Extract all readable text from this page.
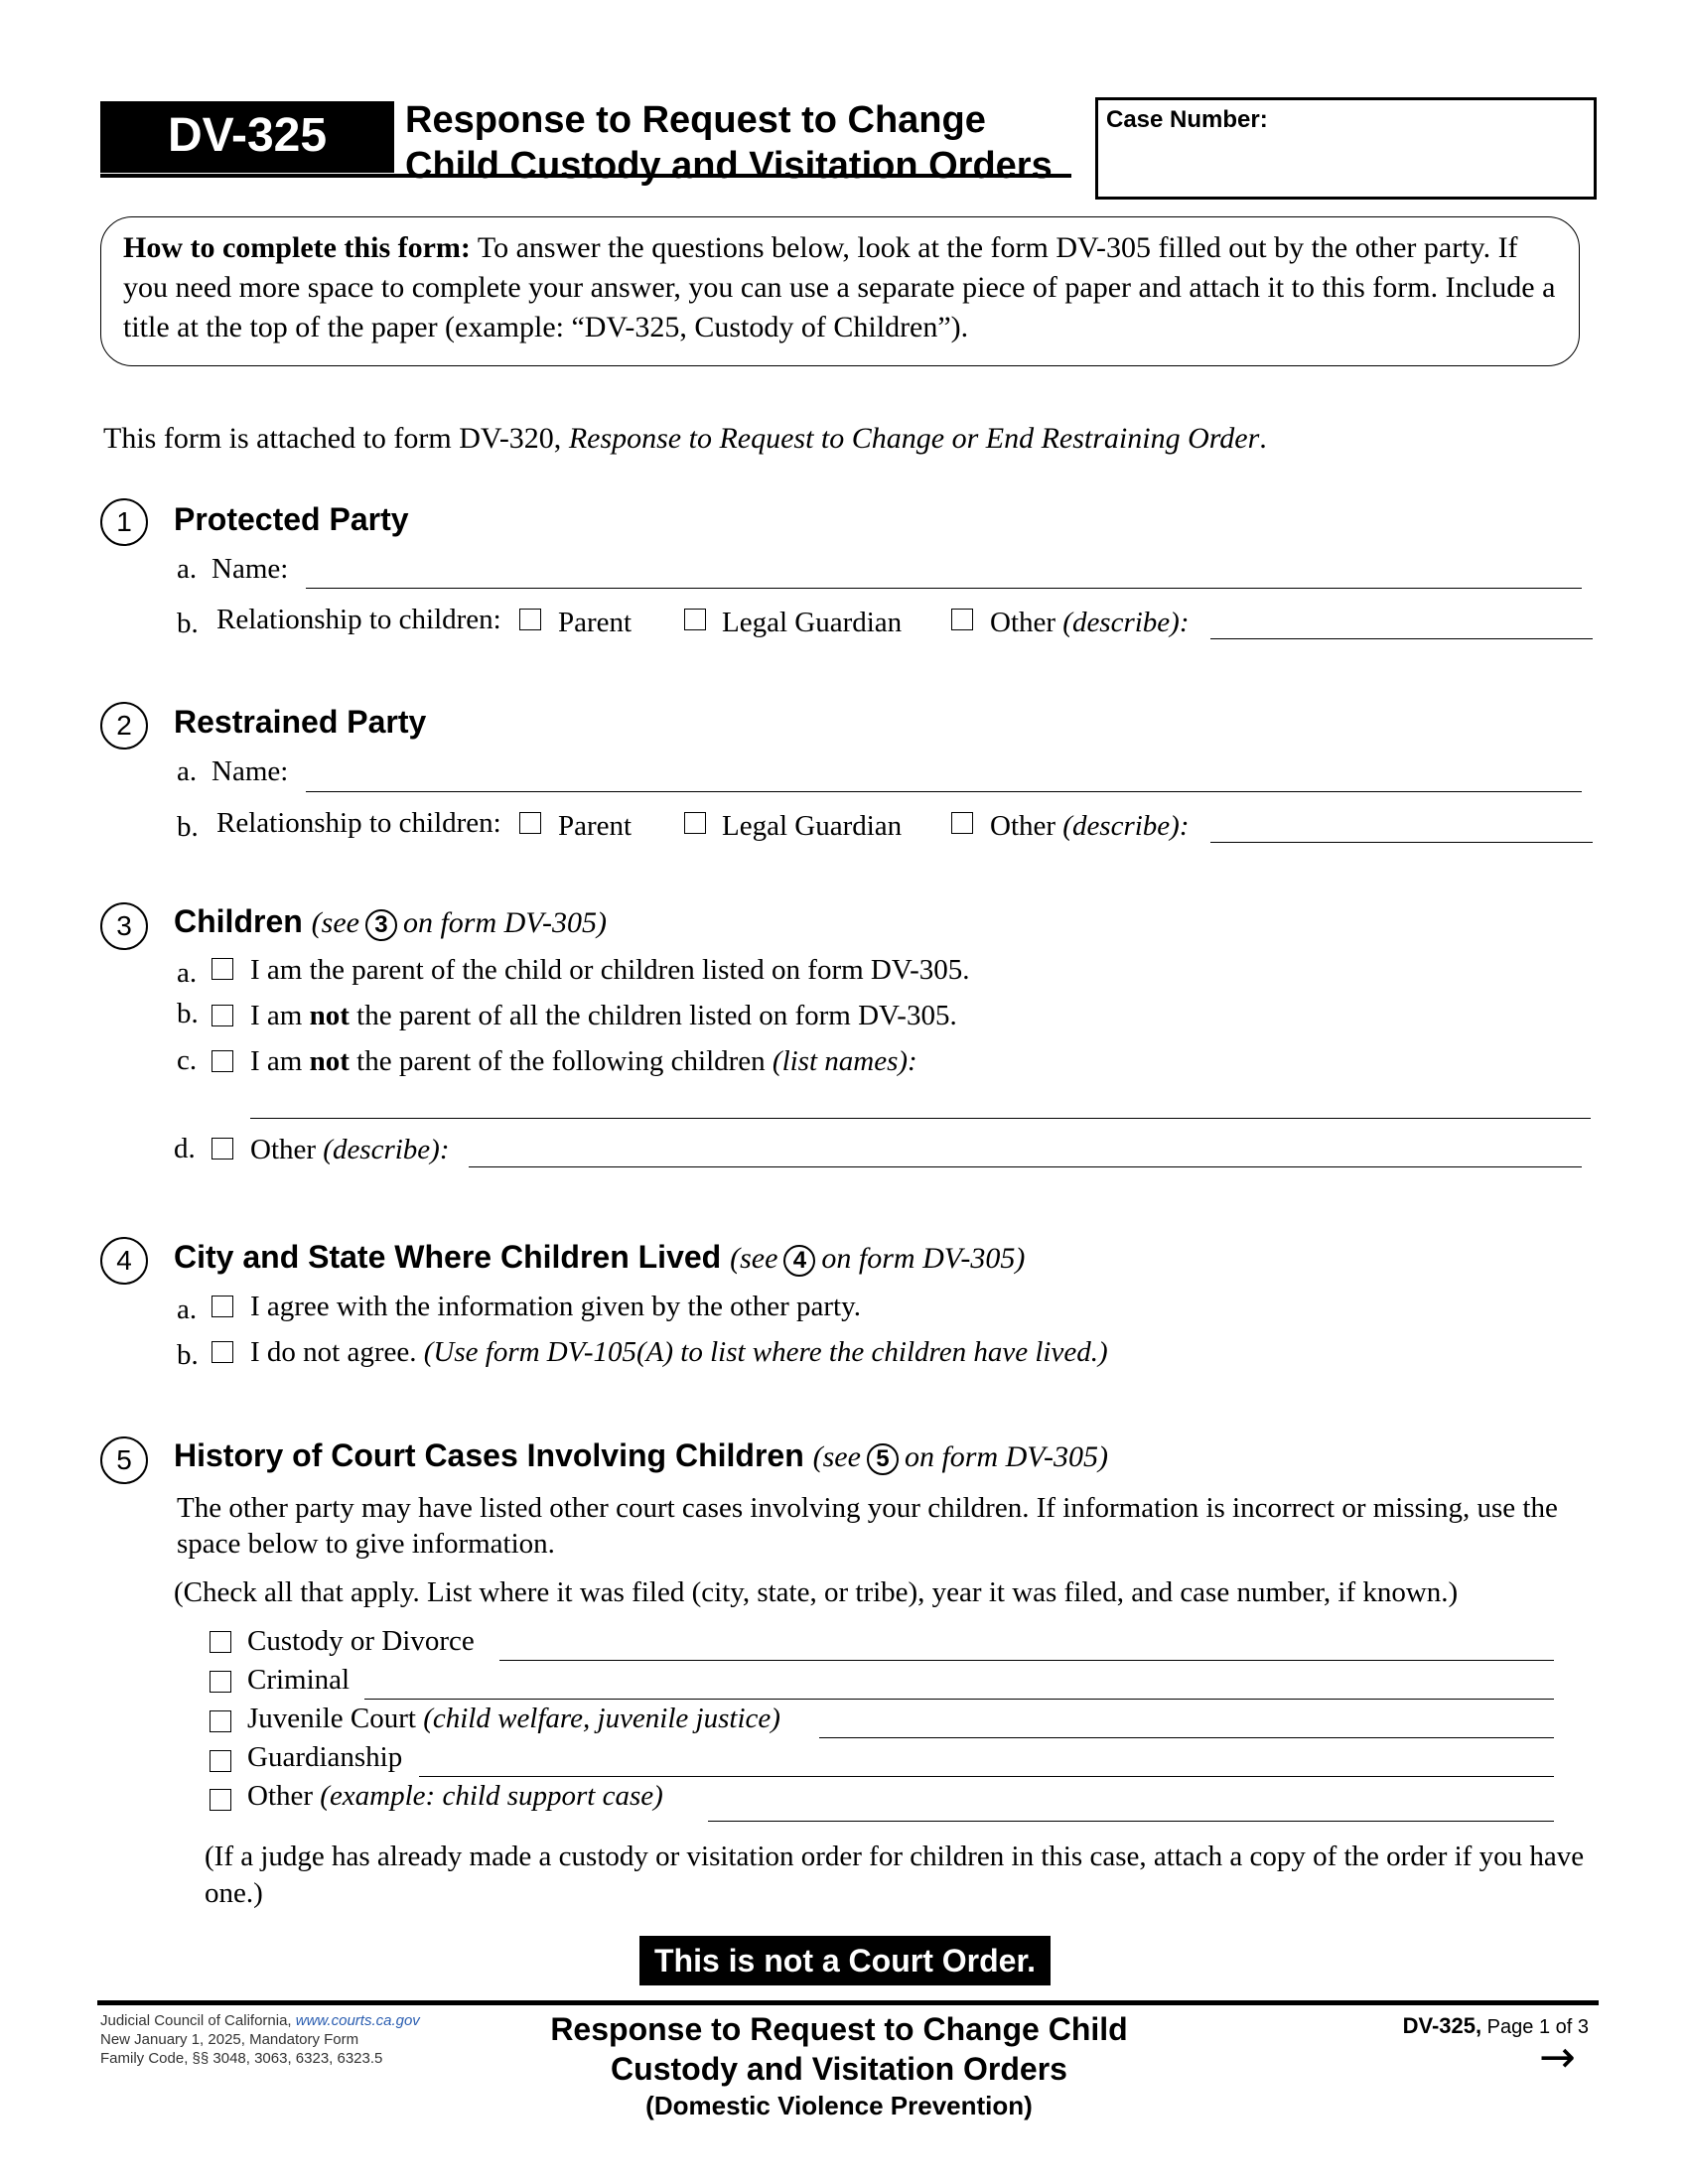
DV-325	Response to Request to Change
Child Custody and Visitation Orders
Case Number:
How to complete this form: To answer the questions below, look at the form DV-305 filled out by the other party. If you need more space to complete your answer, you can use a separate piece of paper and attach it to this form. Include a title at the top of the paper (example: “DV-325, Custody of Children”).
This form is attached to form DV-320, Response to Request to Change or End Restraining Order.
1	Protected Party
a. Name:
b. Relationship to children: Parent	Legal Guardian	Other (describe):
2	Restrained Party
a. Name:
b. Relationship to children: Parent	Legal Guardian	Other (describe):
3	Children (see 3 on form DV-305)
a. I am the parent of the child or children listed on form DV-305.
b. I am not the parent of all the children listed on form DV-305.
c. I am not the parent of the following children (list names):
d. Other (describe):
4	City and State Where Children Lived (see 4 on form DV-305)
a. I agree with the information given by the other party.
b. I do not agree. (Use form DV-105(A) to list where the children have lived.)
5	History of Court Cases Involving Children (see 5 on form DV-305)
The other party may have listed other court cases involving your children. If information is incorrect or missing, use the space below to give information.
(Check all that apply. List where it was filed (city, state, or tribe), year it was filed, and case number, if known.)
Custody or Divorce
Criminal
Juvenile Court (child welfare, juvenile justice)
Guardianship
Other (example: child support case)
(If a judge has already made a custody or visitation order for children in this case, attach a copy of the order if you have one.)
This is not a Court Order.
Judicial Council of California, www.courts.ca.gov
New January 1, 2025, Mandatory Form
Family Code, §§ 3048, 3063, 6323, 6323.5
Response to Request to Change Child
Custody and Visitation Orders
(Domestic Violence Prevention)
DV-325, Page 1 of 3
→
